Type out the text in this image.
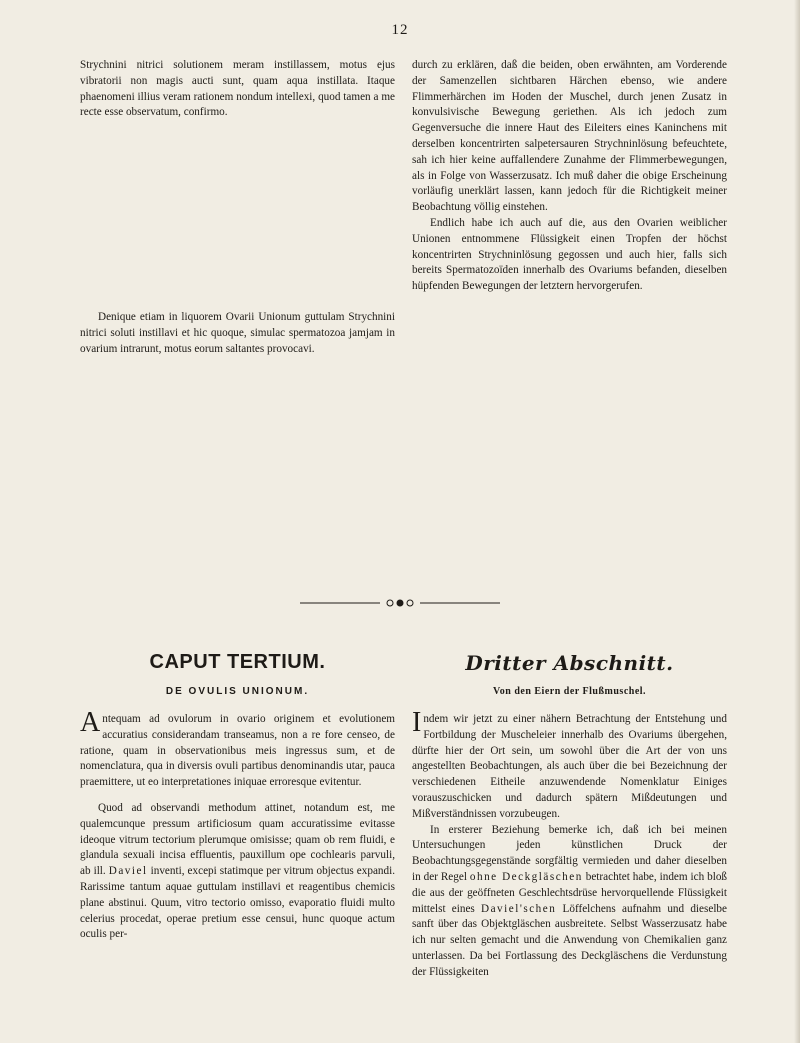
12

Strychnini nitrici solutionem meram instillassem, motus ejus vibratorii non magis aucti sunt, quam aqua instillata. Itaque phaenomeni illius veram rationem nondum intellexi, quod tamen a me recte esse observatum, confirmo.

Denique etiam in liquorem Ovarii Unionum guttulam Strychnini nitrici soluti instillavi et hic quoque, simulac spermatozoa jamjam in ovarium intrarunt, motus eorum saltantes provocavi.

durch zu erklären, daß die beiden, oben erwähnten, am Vorderende der Samenzellen sichtbaren Härchen ebenso, wie andere Flimmerhärchen im Hoden der Muschel, durch jenen Zusatz in konvulsivische Bewegung geriethen. Als ich jedoch zum Gegenversuche die innere Haut des Eileiters eines Kaninchens mit derselben koncentrirten salpetersauren Strychninlösung befeuchtete, sah ich hier keine auffallendere Zunahme der Flimmerbewegungen, als in Folge von Wasserzusatz. Ich muß daher die obige Erscheinung vorläufig unerklärt lassen, kann jedoch für die Richtigkeit meiner Beobachtung völlig einstehen.

Endlich habe ich auch auf die, aus den Ovarien weiblicher Unionen entnommene Flüssigkeit einen Tropfen der höchst koncentrirten Strychninlösung gegossen und auch hier, falls sich bereits Spermatozoïden innerhalb des Ovariums befanden, dieselben hüpfenden Bewegungen der letztern hervorgerufen.

CAPUT TERTIUM.	Dritter Abschnitt.
DE OVULIS UNIONUM.	Von den Eiern der Flußmuschel.

Antequam ad ovulorum in ovario originem et evolutionem accuratius considerandam transeamus, non a re fore censeo, de ratione, quam in observationibus meis ingressus sum, et de nomenclatura, qua in diversis ovuli partibus denominandis utar, pauca praemittere, ut eo interpretationes iniquae erroresque evitentur.

Quod ad observandi methodum attinet, notandum est, me qualemcunque pressum artificiosum quam accuratissime evitasse ideoque vitrum tectorium plerumque omisisse; quam ob rem fluidi, e glandula sexuali incisa effluentis, pauxillum ope cochlearis parvuli, ab ill. Daviel inventi, excepi statimque per vitrum objectus expandi. Rarissime tantum aquae guttulam instillavi et reagentibus chemicis plane abstinui. Quum, vitro tectorio omisso, evaporatio fluidi multo celerius procedat, operae pretium esse censui, hunc quoque actum oculis per-

Indem wir jetzt zu einer nähern Betrachtung der Entstehung und Fortbildung der Muscheleier innerhalb des Ovariums übergehen, dürfte hier der Ort sein, um sowohl über die Art der von uns angestellten Beobachtungen, als auch über die bei Bezeichnung der verschiedenen Eitheile anzuwendende Nomenklatur Einiges vorauszuschicken und dadurch spätern Mißdeutungen und Mißverständnissen vorzubeugen.

In ersterer Beziehung bemerke ich, daß ich bei meinen Untersuchungen jeden künstlichen Druck der Beobachtungsgegenstände sorgfältig vermieden und daher dieselben in der Regel ohne Deckgläschen betrachtet habe, indem ich bloß die aus der geöffneten Geschlechtsdrüse hervorquellende Flüssigkeit mittelst eines Daviel'schen Löffelchens aufnahm und dieselbe sanft über das Objektgläschen ausbreitete. Selbst Wasserzusatz habe ich nur selten gemacht und die Anwendung von Chemikalien ganz unterlassen. Da bei Fortlassung des Deckgläschens die Verdunstung der Flüssigkeiten
